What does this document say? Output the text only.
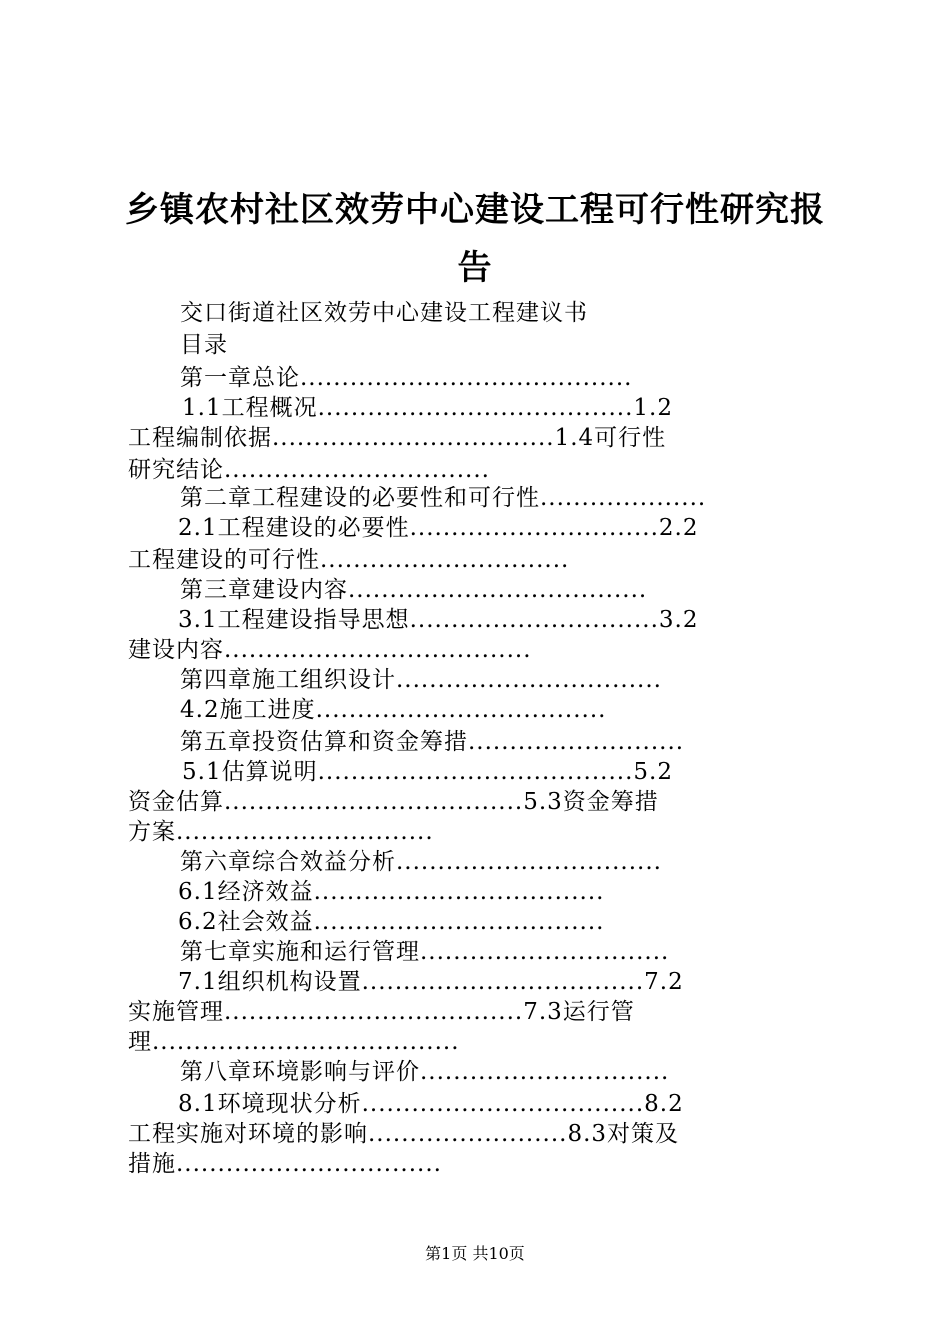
乡镇农村社区效劳中心建设工程可行性研究报
告
交口街道社区效劳中心建设工程建议书
目录
第一章总论........................................
1.1工程概况......................................1.2
工程编制依据..................................1.4可行性
研究结论................................
第二章工程建设的必要性和可行性....................
2.1工程建设的必要性..............................2.2
工程建设的可行性..............................
第三章建设内容....................................
3.1工程建设指导思想..............................3.2
建设内容.....................................
第四章施工组织设计................................
4.2施工进度...................................
第五章投资估算和资金筹措..........................
5.1估算说明......................................5.2
资金估算....................................5.3资金筹措
方案...............................
第六章综合效益分析................................
6.1经济效益...................................
6.2社会效益...................................
第七章实施和运行管理..............................
7.1组织机构设置..................................7.2
实施管理....................................7.3运行管
理.....................................
第八章环境影响与评价..............................
8.1环境现状分析..................................8.2
工程实施对环境的影响........................8.3对策及
措施................................
第1页 共10页
